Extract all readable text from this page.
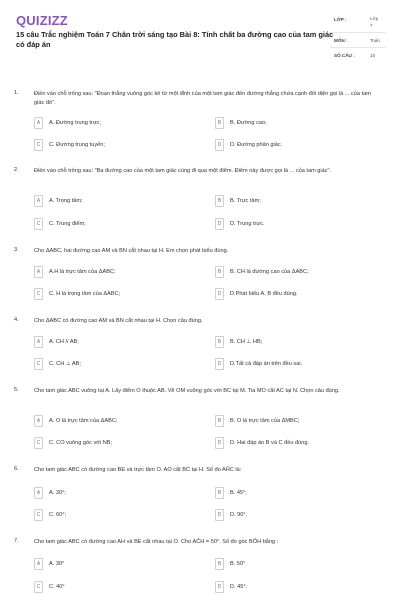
QUIZIZZ
15 câu Trắc nghiệm Toán 7 Chân trời sáng tạo Bài 8: Tính chất ba đường cao của tam giác có đáp án
LỚP :	Lớp 7
MÔN :	Toán
SỐ CÂU :	15
1.	Điền vào chỗ trống sau: "Đoạn thẳng vuông góc kẻ từ một đỉnh của một tam giác đến đường thẳng chứa cạnh đối diện gọi là ... của tam giác đó".
A	A. Đường trung trực;	B	B. Đường cao;
C	C. Đường trung tuyến;	D	D. Đường phân giác.
2.	Điền vào chỗ trống sau: "Ba đường cao của một tam giác cùng đi qua một điểm. Điểm này được gọi là ... của tam giác".
A	A. Trọng tâm;	B	B. Trực tâm;
C	C. Trung điểm;	D	D. Trung trực.
3.	Cho ΔABC, hai đường cao AM và BN cắt nhau tại H. Em chọn phát biểu đúng.
A	A.H là trực tâm của ΔABC;	B	B. CH là đường cao của ΔABC;
C	C. H là trọng tâm của ΔABC;	D	D.Phát biểu A, B đều đúng.
4.	Cho ΔABC có đường cao AM và BN cắt nhau tại H. Chọn câu đúng.
A	A. CH // AB;	B	B. CH ⊥ HB;
C	C. CH ⊥ AB;	D	D.Tất cả đáp án trên đều sai.
5.	Cho tam giác ABC vuông tại A. Lấy điểm O thuộc AB. Vẽ OM vuông góc với BC tại M. Tia MO cắt AC tại N. Chọn câu đúng.
A	A. O là trực tâm của ΔABC;	B	B. O là trực tâm của ΔMBC;
C	C. CO vuông góc với NB;	D	D. Hai đáp án B và C đều đúng.
6.	Cho tam giác ABC có đường cao BE và trực tâm O. AO cắt BC tại H. Số đo AĤC là:
A	A. 30°;	B	B. 45°;
C	C. 60°;	D	D. 90°.
7.	Cho tam giác ABC có đường cao AH và BE cắt nhau tại O. Cho AĈH = 50°. Số đo góc BÔH bằng :
A	A. 30°	B	B. 50°
C	C. 40°	D	D. 45°.
